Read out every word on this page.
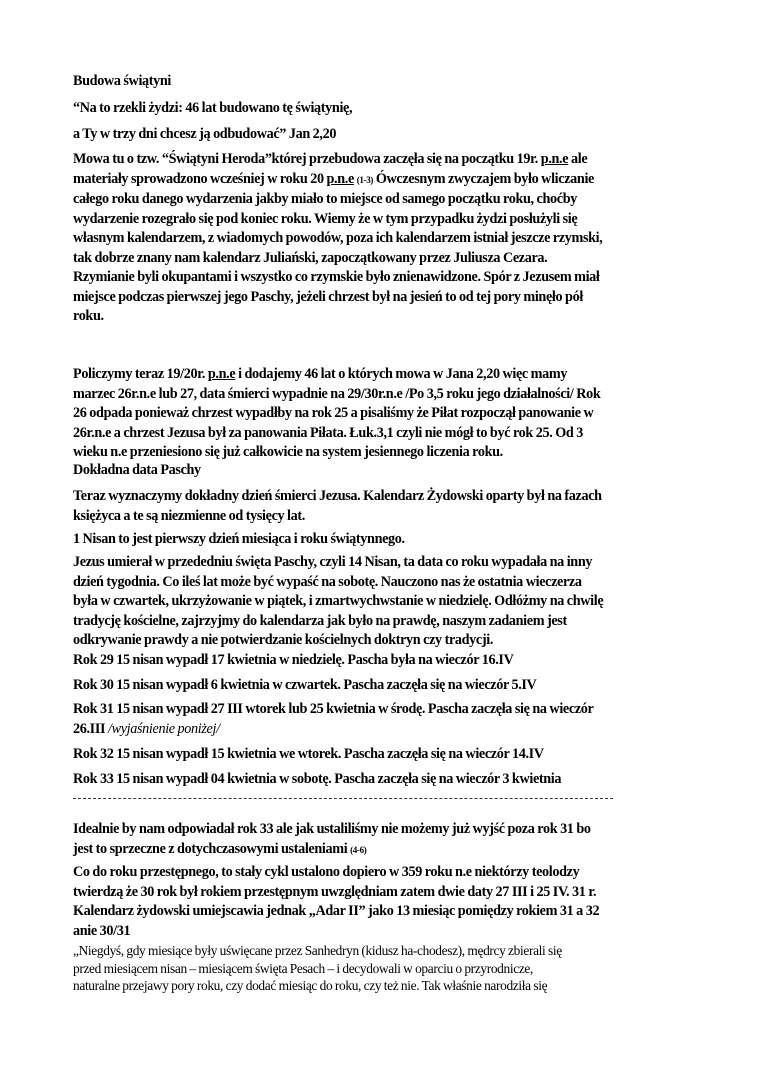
Budowa świątyni

“Na to rzekli żydzi: 46 lat budowano tę świątynię,

a Ty w trzy dni chcesz ją odbudować” Jan 2,20

Mowa tu o tzw. “Świątyni Heroda”której przebudowa zaczęła się na początku 19r. p.n.e ale
materiały sprowadzono wcześniej w roku 20 p.n.e (1-3) Ówczesnym zwyczajem było wliczanie
całego roku danego wydarzenia jakby miało to miejsce od samego początku roku, choćby
wydarzenie rozegrało się pod koniec roku. Wiemy że w tym przypadku żydzi posłużyli się
własnym kalendarzem, z wiadomych powodów, poza ich kalendarzem istniał jeszcze rzymski,
tak dobrze znany nam kalendarz Juliański, zapoczątkowany przez Juliusza Cezara.
Rzymianie byli okupantami i wszystko co rzymskie było znienawidzone. Spór z Jezusem miał
miejsce podczas pierwszej jego Paschy, jeżeli chrzest był na jesień to od tej pory minęło pół
roku.
Policzymy teraz 19/20r. p.n.e i dodajemy 46 lat o których mowa w Jana 2,20 więc mamy
marzec 26r.n.e lub 27, data śmierci wypadnie na 29/30r.n.e /Po 3,5 roku jego działalności/ Rok
26 odpada ponieważ chrzest wypadłby na rok 25 a pisaliśmy że Piłat rozpoczął panowanie w
26r.n.e a chrzest Jezusa był za panowania Piłata. Łuk.3,1 czyli nie mógł to być rok 25. Od 3
wieku n.e przeniesiono się już całkowicie na system jesiennego liczenia roku.

Dokładna data Paschy

Teraz wyznaczymy dokładny dzień śmierci Jezusa. Kalendarz Żydowski oparty był na fazach
księżyca a te są niezmienne od tysięcy lat.

1 Nisan to jest pierwszy dzień miesiąca i roku świątynnego.

Jezus umierał w przededniu święta Paschy, czyli 14 Nisan, ta data co roku wypadała na inny
dzień tygodnia. Co ileś lat może być wypaść na sobotę. Nauczono nas że ostatnia wieczerza
była w czwartek, ukrzyżowanie w piątek, i zmartwychwstanie w niedzielę. Odłóżmy na chwilę
tradycję kościelne, zajrzyjmy do kalendarza jak było na prawdę, naszym zadaniem jest
odkrywanie prawdy a nie potwierdzanie kościelnych doktryn czy tradycji.

Rok 29 15 nisan wypadł 17 kwietnia w niedzielę. Pascha była na wieczór 16.IV

Rok 30 15 nisan wypadł 6 kwietnia w czwartek. Pascha zaczęła się na wieczór 5.IV

Rok 31 15 nisan wypadł 27 III wtorek lub 25 kwietnia w środę. Pascha zaczęła się na wieczór
26.III /wyjaśnienie poniżej/

Rok 32 15 nisan wypadł 15 kwietnia we wtorek. Pascha zaczęła się na wieczór 14.IV

Rok 33 15 nisan wypadł 04 kwietnia w sobotę. Pascha zaczęła się na wieczór 3 kwietnia

Idealnie by nam odpowiadał rok 33 ale jak ustaliliśmy nie możemy już wyjść poza rok 31 bo
jest to sprzeczne z dotychczasowymi ustaleniami (4-6)
Co do roku przestępnego, to stały cykl ustalono dopiero w 359 roku n.e niektórzy teolodzy
twierdzą że 30 rok był rokiem przestępnym uwzględniam zatem dwie daty 27 III i 25 IV. 31 r.
Kalendarz żydowski umiejscawia jednak „Adar II” jako 13 miesiąc pomiędzy rokiem 31 a 32
anie 30/31
„Niegdyś, gdy miesiące były uświęcane przez Sanhedryn (kidusz ha-chodesz), mędrcy zbierali się
przed miesiącem nisan – miesiącem święta Pesach – i decydowali w oparciu o przyrodnicze,
naturalne przejawy pory roku, czy dodać miesiąc do roku, czy też nie. Tak właśnie narodziła się
